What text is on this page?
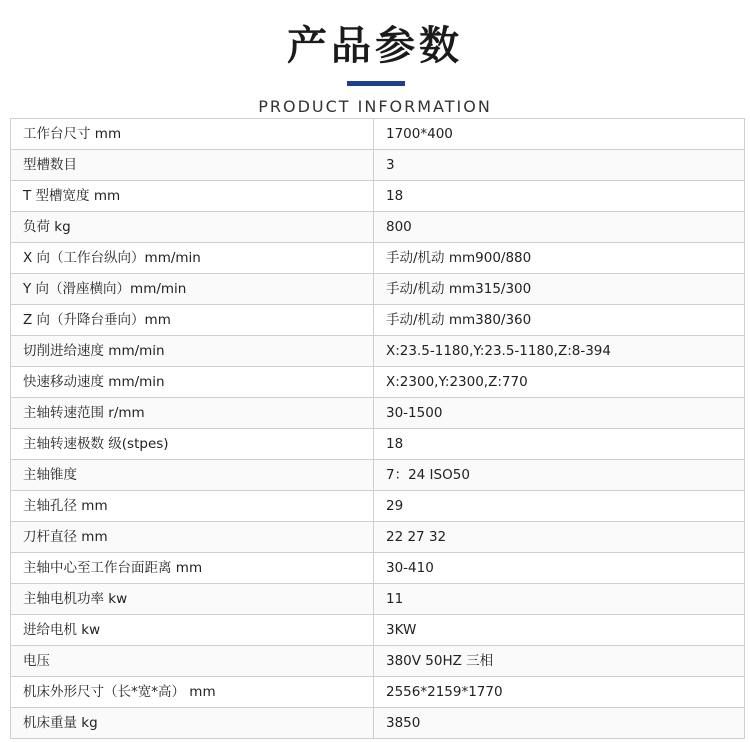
产品参数
PRODUCT INFORMATION
工作台尺寸 mm	1700*400
型槽数目	3
T 型槽宽度 mm	18
负荷 kg	800
X 向（工作台纵向）mm/min	手动/机动 mm900/880
Y 向（滑座横向）mm/min	手动/机动 mm315/300
Z 向（升降台垂向）mm	手动/机动 mm380/360
切削进给速度 mm/min	X:23.5-1180,Y:23.5-1180,Z:8-394
快速移动速度 mm/min	X:2300,Y:2300,Z:770
主轴转速范围 r/mm	30-1500
主轴转速极数 级(stpes)	18
主轴锥度	7：24 ISO50
主轴孔径 mm	29
刀杆直径 mm	22 27 32
主轴中心至工作台面距离 mm	30-410
主轴电机功率 kw	11
进给电机 kw	3KW
电压	380V 50HZ 三相
机床外形尺寸（长*宽*高） mm	2556*2159*1770
机床重量 kg	3850
